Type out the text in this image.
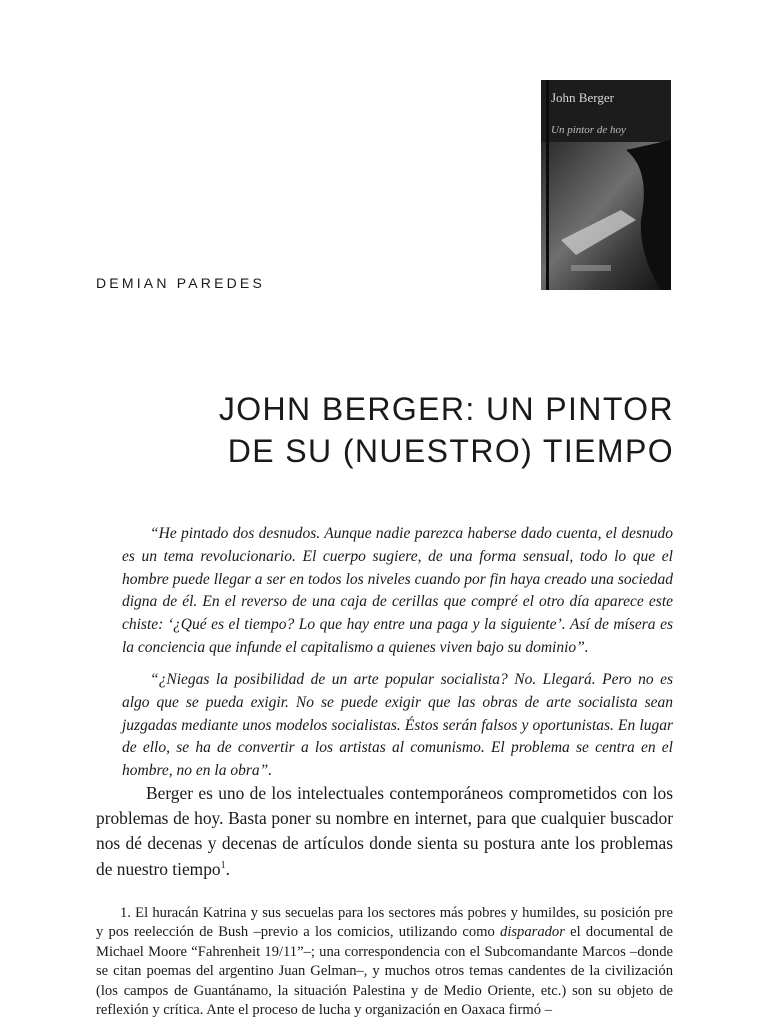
John Berger
Un pintor de hoy
DEMIAN PAREDES
JOHN BERGER: UN PINTOR
DE SU (NUESTRO) TIEMPO

“He pintado dos desnudos. Aunque nadie parezca haberse dado cuenta, el desnudo es un tema revolucionario. El cuerpo sugiere, de una forma sensual, todo lo que el hombre puede llegar a ser en todos los niveles cuando por fin haya creado una sociedad digna de él. En el reverso de una caja de cerillas que compré el otro día aparece este chiste: ‘¿Qué es el tiempo? Lo que hay entre una paga y la siguiente’. Así de mísera es la conciencia que infunde el capitalismo a quienes viven bajo su dominio”.

“¿Niegas la posibilidad de un arte popular socialista? No. Llegará. Pero no es algo que se pueda exigir. No se puede exigir que las obras de arte socialista sean juzgadas mediante unos modelos socialistas. Éstos serán falsos y oportunistas. En lugar de ello, se ha de convertir a los artistas al comunismo. El problema se centra en el hombre, no en la obra”.

Berger es uno de los intelectuales contemporáneos comprometidos con los problemas de hoy. Basta poner su nombre en internet, para que cualquier buscador nos dé decenas y decenas de artículos donde sienta su postura ante los problemas de nuestro tiempo$^1$.

1. El huracán Katrina y sus secuelas para los sectores más pobres y humildes, su posición pre y pos reelección de Bush –previo a los comicios, utilizando como disparador el documental de Michael Moore “Fahrenheit 19/11”–; una correspondencia con el Subcomandante Marcos –donde se citan poemas del argentino Juan Gelman–, y muchos otros temas candentes de la civilización (los campos de Guantánamo, la situación Palestina y de Medio Oriente, etc.) son su objeto de reflexión y crítica. Ante el proceso de lucha y organización en Oaxaca firmó –
